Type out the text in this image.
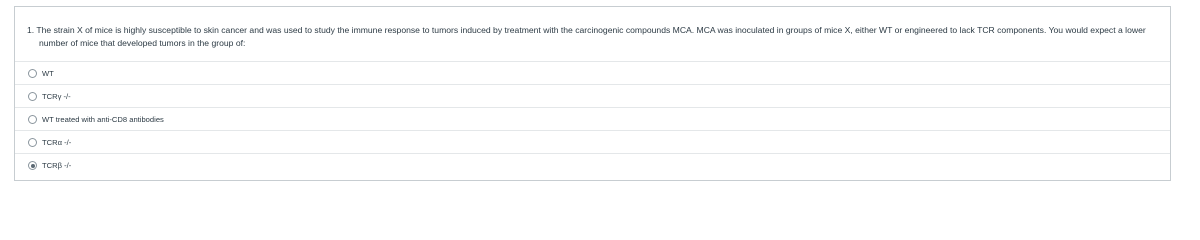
1. The strain X of mice is highly susceptible to skin cancer and was used to study the immune response to tumors induced by treatment with the carcinogenic compounds MCA. MCA was inoculated in groups of mice X, either WT or engineered to lack TCR components. You would expect a lower
number of mice that developed tumors in the group of:
WT
TCRγ -/-
WT treated with anti-CD8 antibodies
TCRα -/-
TCRβ -/-
